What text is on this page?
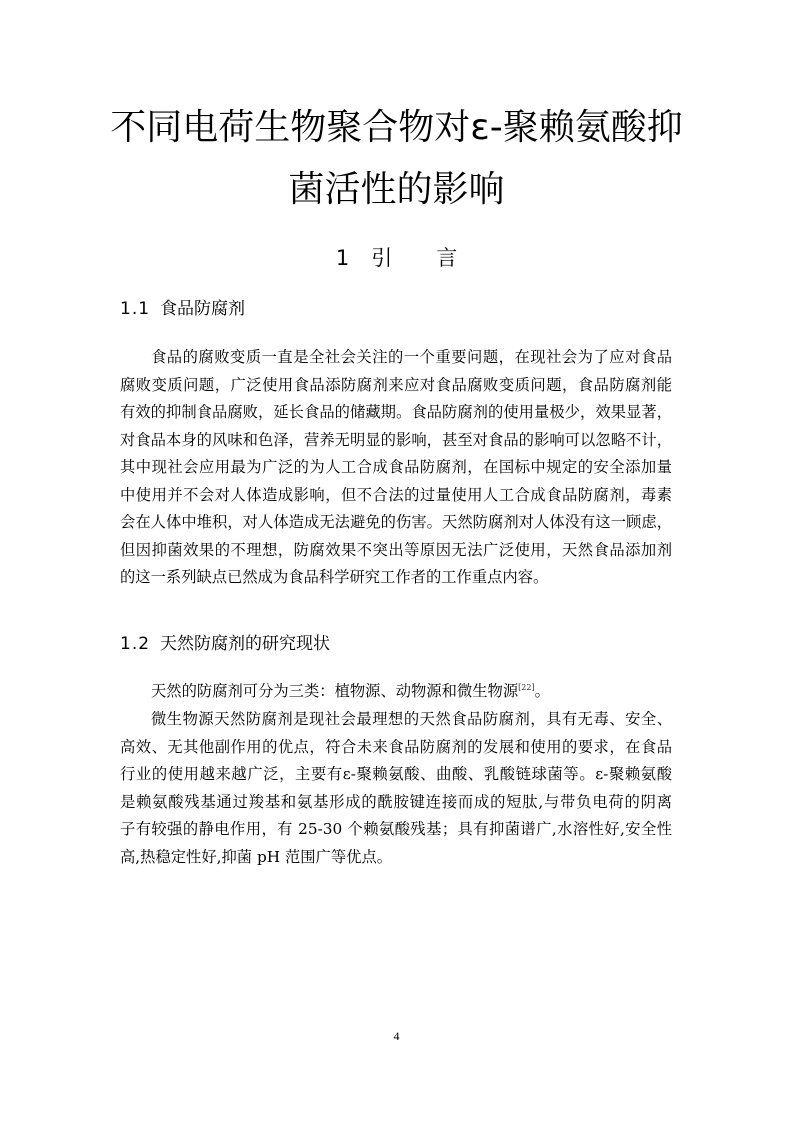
不同电荷生物聚合物对ε-聚赖氨酸抑
菌活性的影响
1 引 言
1.1 食品防腐剂
食品的腐败变质一直是全社会关注的一个重要问题，在现社会为了应对食品
腐败变质问题，广泛使用食品添防腐剂来应对食品腐败变质问题，食品防腐剂能
有效的抑制食品腐败，延长食品的储藏期。食品防腐剂的使用量极少，效果显著，
对食品本身的风味和色泽，营养无明显的影响，甚至对食品的影响可以忽略不计，
其中现社会应用最为广泛的为人工合成食品防腐剂，在国标中规定的安全添加量
中使用并不会对人体造成影响，但不合法的过量使用人工合成食品防腐剂，毒素
会在人体中堆积，对人体造成无法避免的伤害。天然防腐剂对人体没有这一顾虑，
但因抑菌效果的不理想，防腐效果不突出等原因无法广泛使用，天然食品添加剂
的这一系列缺点已然成为食品科学研究工作者的工作重点内容。
1.2 天然防腐剂的研究现状
天然的防腐剂可分为三类：植物源、动物源和微生物源[22]。
微生物源天然防腐剂是现社会最理想的天然食品防腐剂，具有无毒、安全、
高效、无其他副作用的优点，符合未来食品防腐剂的发展和使用的要求，在食品
行业的使用越来越广泛，主要有ε-聚赖氨酸、曲酸、乳酸链球菌等。ε-聚赖氨酸
是赖氨酸残基通过羧基和氨基形成的酰胺键连接而成的短肽,与带负电荷的阴离
子有较强的静电作用，有 25-30 个赖氨酸残基；具有抑菌谱广,水溶性好,安全性
高,热稳定性好,抑菌 pH 范围广等优点。
4
